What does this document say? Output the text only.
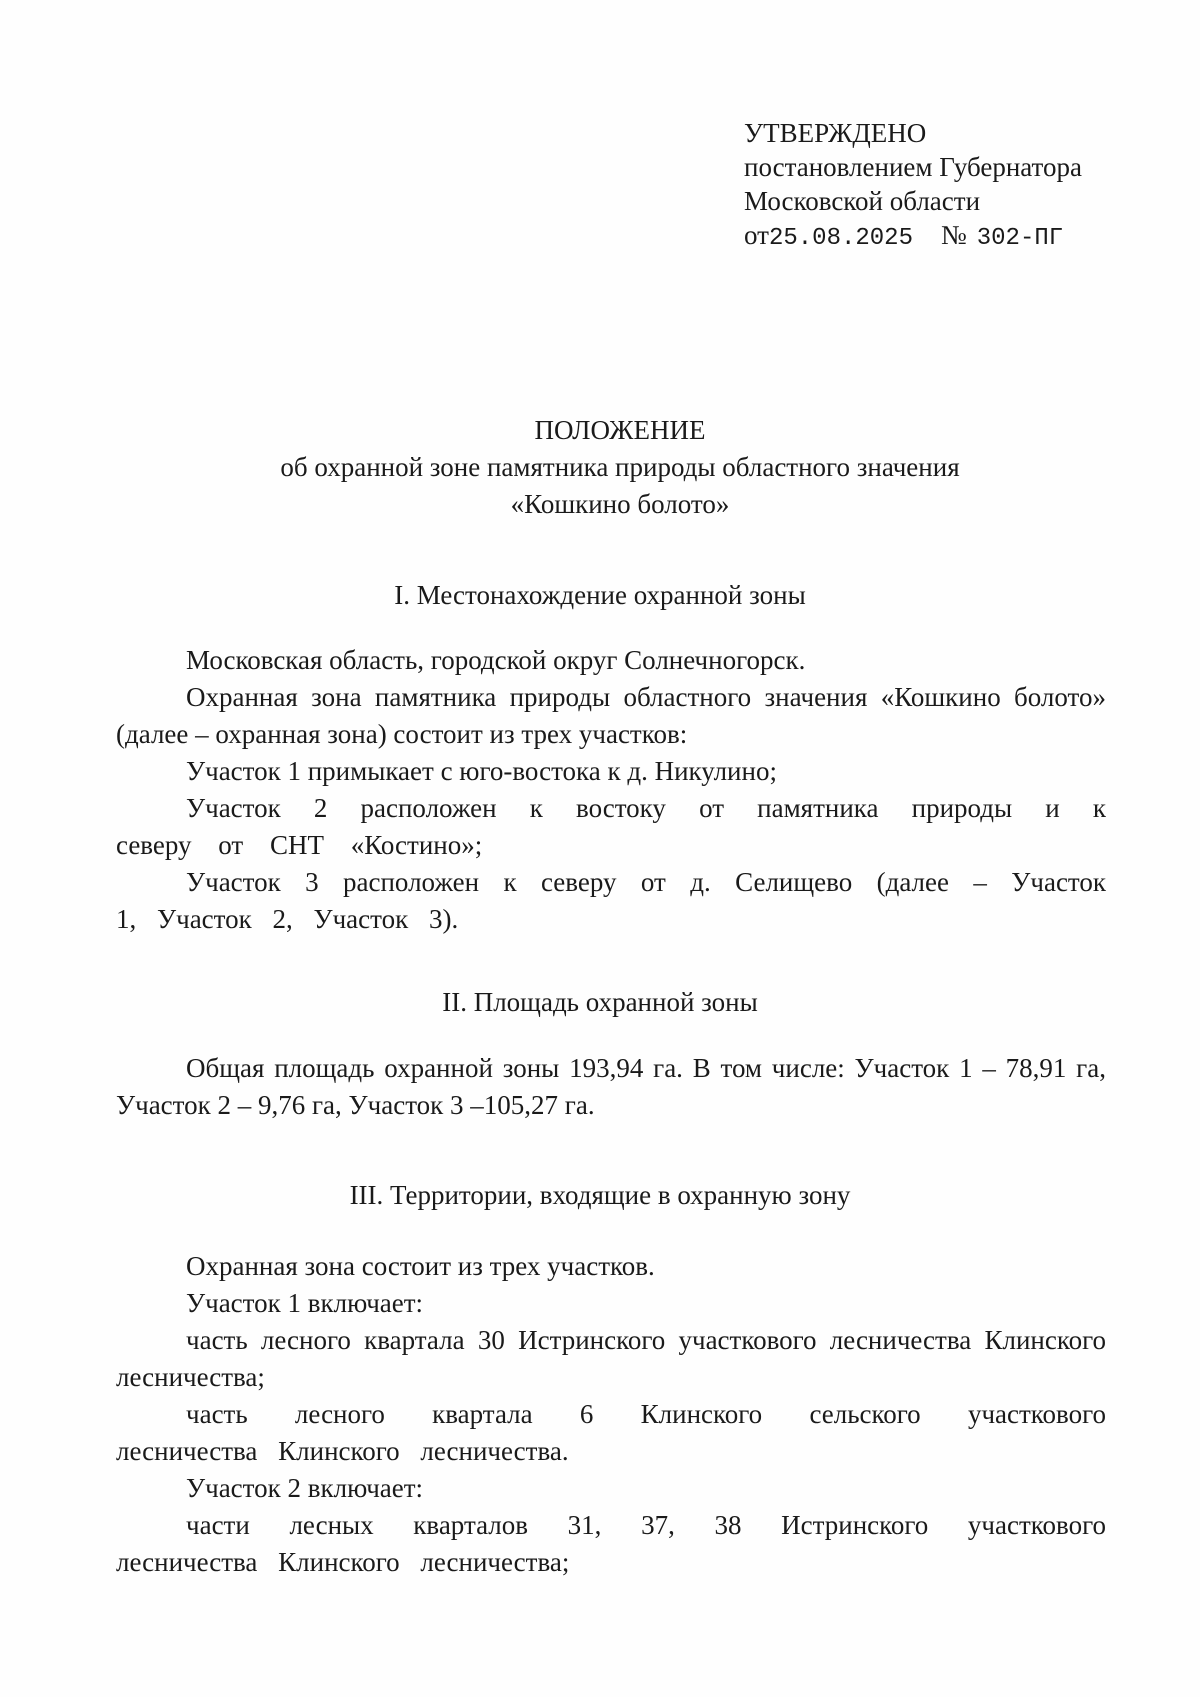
УТВЕРЖДЕНО
постановлением Губернатора
Московской области
от25.08.2025 № 302-ПГ
ПОЛОЖЕНИЕ
об охранной зоне памятника природы областного значения
«Кошкино болото»
I. Местонахождение охранной зоны

Московская область, городской округ Солнечногорск.

Охранная зона памятника природы областного значения «Кошкино болото» (далее – охранная зона) состоит из трех участков:

Участок 1 примыкает с юго-востока к д. Никулино;

Участок 2 расположен к востоку от памятника природы и к северу от СНТ «Костино»;

Участок 3 расположен к северу от д. Селищево (далее – Участок 1, Участок 2, Участок 3).

II. Площадь охранной зоны

Общая площадь охранной зоны 193,94 га. В том числе: Участок 1 – 78,91 га, Участок 2 – 9,76 га, Участок 3 –105,27 га.

III. Территории, входящие в охранную зону

Охранная зона состоит из трех участков.

Участок 1 включает:

часть лесного квартала 30 Истринского участкового лесничества Клинского лесничества;

часть лесного квартала 6 Клинского сельского участкового лесничества Клинского лесничества.

Участок 2 включает:

части лесных кварталов 31, 37, 38 Истринского участкового лесничества Клинского лесничества;
